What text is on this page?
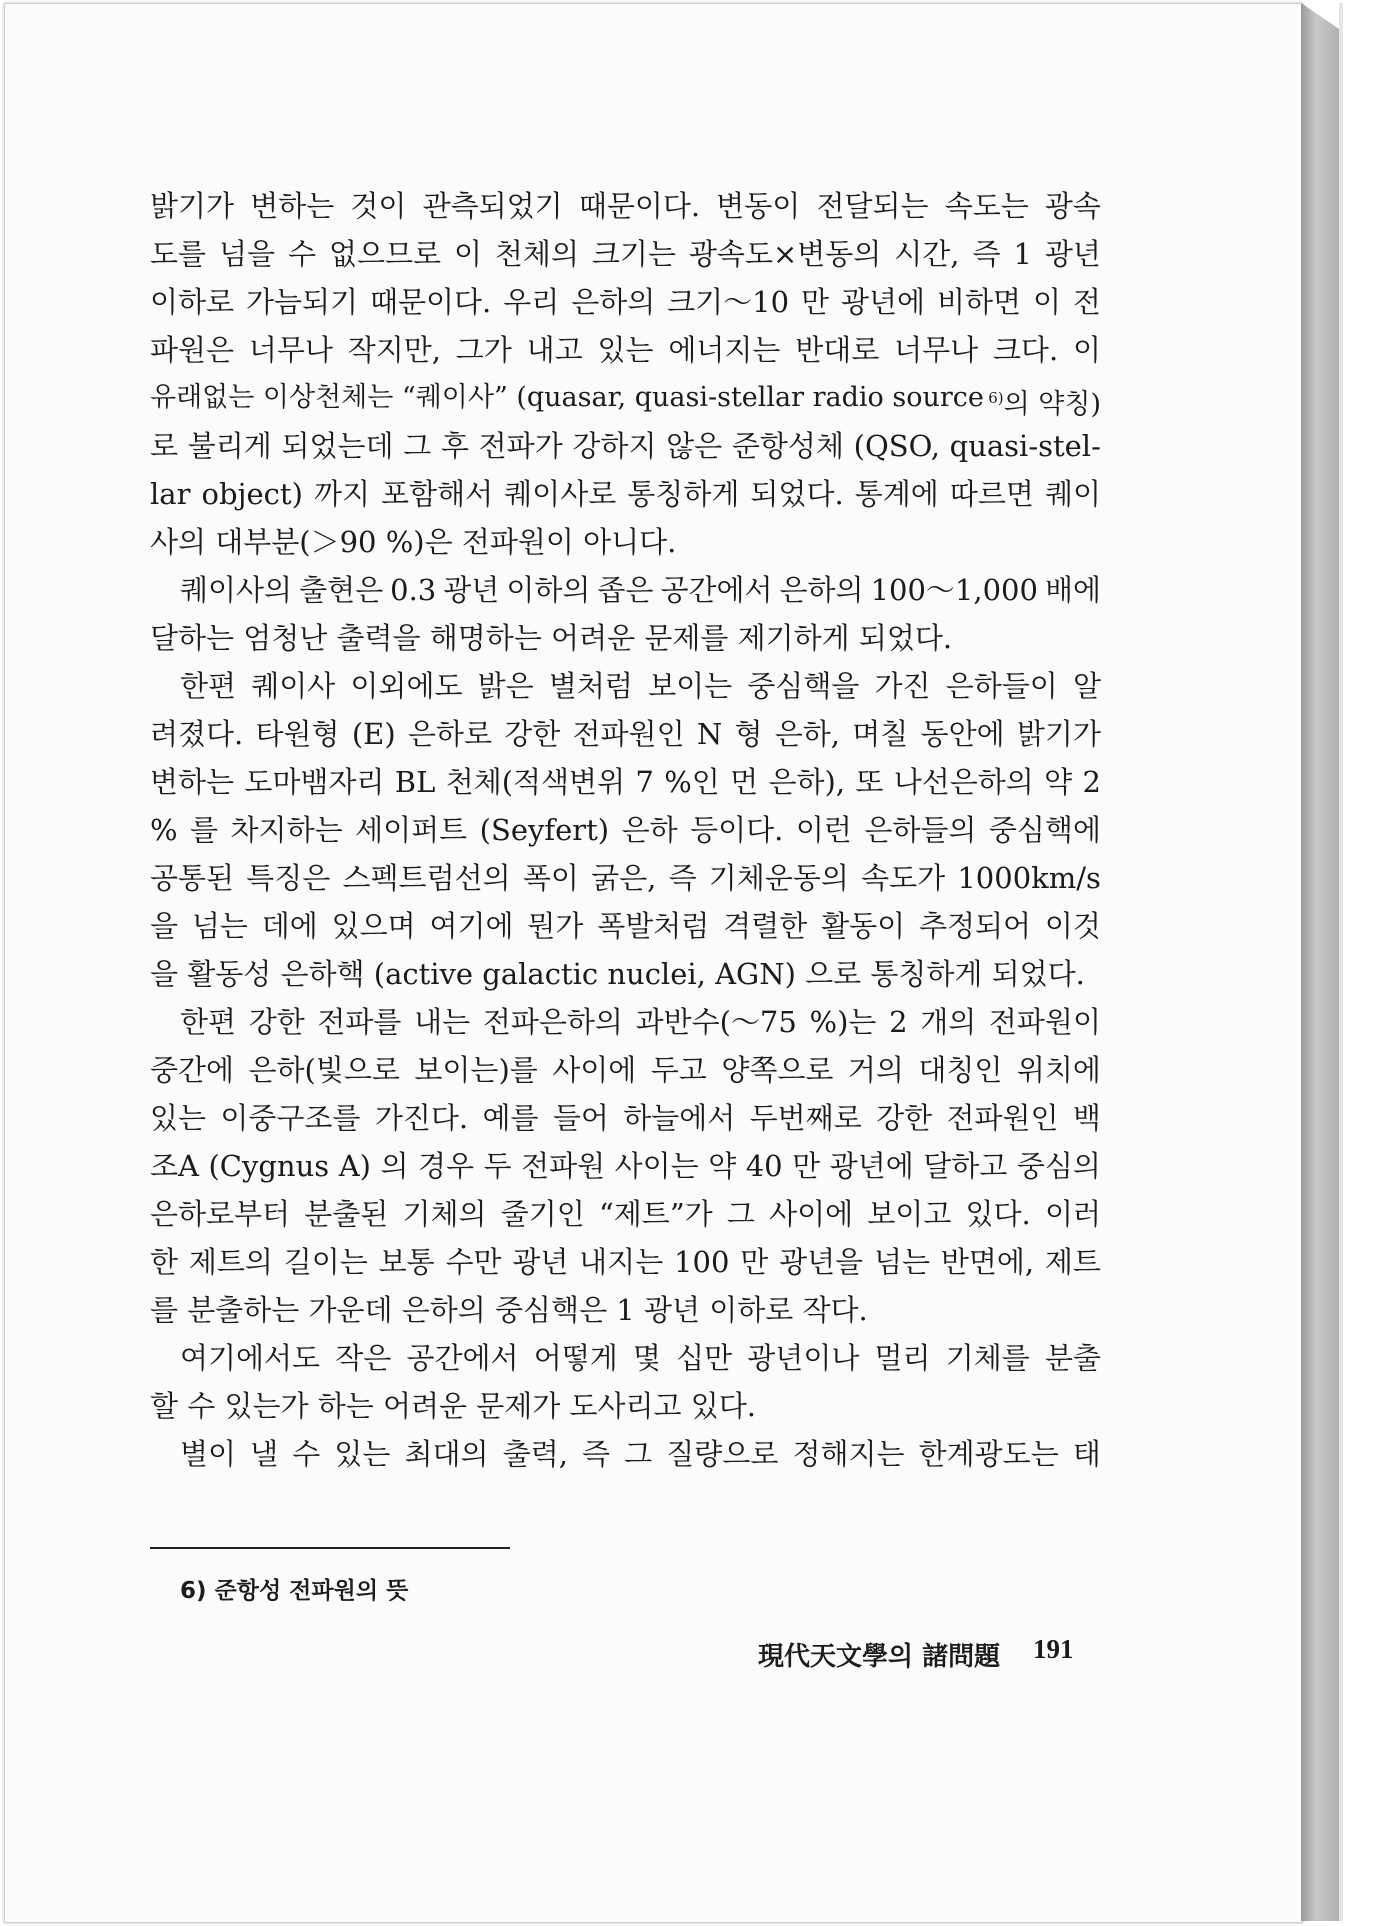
밝기가 변하는 것이 관측되었기 때문이다. 변동이 전달되는 속도는 광속
도를 넘을 수 없으므로 이 천체의 크기는 광속도×변동의 시간, 즉 1 광년
이하로 가늠되기 때문이다. 우리 은하의 크기～10 만 광년에 비하면 이 전
파원은 너무나 작지만, 그가 내고 있는 에너지는 반대로 너무나 크다. 이
유래없는 이상천체는 “퀘이사” (quasar, quasi-stellar radio source $^{6)}$의 약칭)
로 불리게 되었는데 그 후 전파가 강하지 않은 준항성체 (QSO, quasi-stel-
lar object) 까지 포함해서 퀘이사로 통칭하게 되었다. 통계에 따르면 퀘이
사의 대부분(＞90 %)은 전파원이 아니다.
퀘이사의 출현은 0.3 광년 이하의 좁은 공간에서 은하의 100～1,000 배에
달하는 엄청난 출력을 해명하는 어려운 문제를 제기하게 되었다.
한편 퀘이사 이외에도 밝은 별처럼 보이는 중심핵을 가진 은하들이 알
려졌다. 타원형 (E) 은하로 강한 전파원인 N 형 은하, 며칠 동안에 밝기가
변하는 도마뱀자리 BL 천체(적색변위 7 %인 먼 은하), 또 나선은하의 약 2
% 를 차지하는 세이퍼트 (Seyfert) 은하 등이다. 이런 은하들의 중심핵에
공통된 특징은 스펙트럼선의 폭이 굵은, 즉 기체운동의 속도가 1000km/s
을 넘는 데에 있으며 여기에 뭔가 폭발처럼 격렬한 활동이 추정되어 이것
을 활동성 은하핵 (active galactic nuclei, AGN) 으로 통칭하게 되었다.
한편 강한 전파를 내는 전파은하의 과반수(～75 %)는 2 개의 전파원이
중간에 은하(빛으로 보이는)를 사이에 두고 양쪽으로 거의 대칭인 위치에
있는 이중구조를 가진다. 예를 들어 하늘에서 두번째로 강한 전파원인 백
조A (Cygnus A) 의 경우 두 전파원 사이는 약 40 만 광년에 달하고 중심의
은하로부터 분출된 기체의 줄기인 “제트”가 그 사이에 보이고 있다. 이러
한 제트의 길이는 보통 수만 광년 내지는 100 만 광년을 넘는 반면에, 제트
를 분출하는 가운데 은하의 중심핵은 1 광년 이하로 작다.
여기에서도 작은 공간에서 어떻게 몇 십만 광년이나 멀리 기체를 분출
할 수 있는가 하는 어려운 문제가 도사리고 있다.
별이 낼 수 있는 최대의 출력, 즉 그 질량으로 정해지는 한계광도는 태
6) 준항성 전파원의 뜻
現代天文學의 諸問題 191
